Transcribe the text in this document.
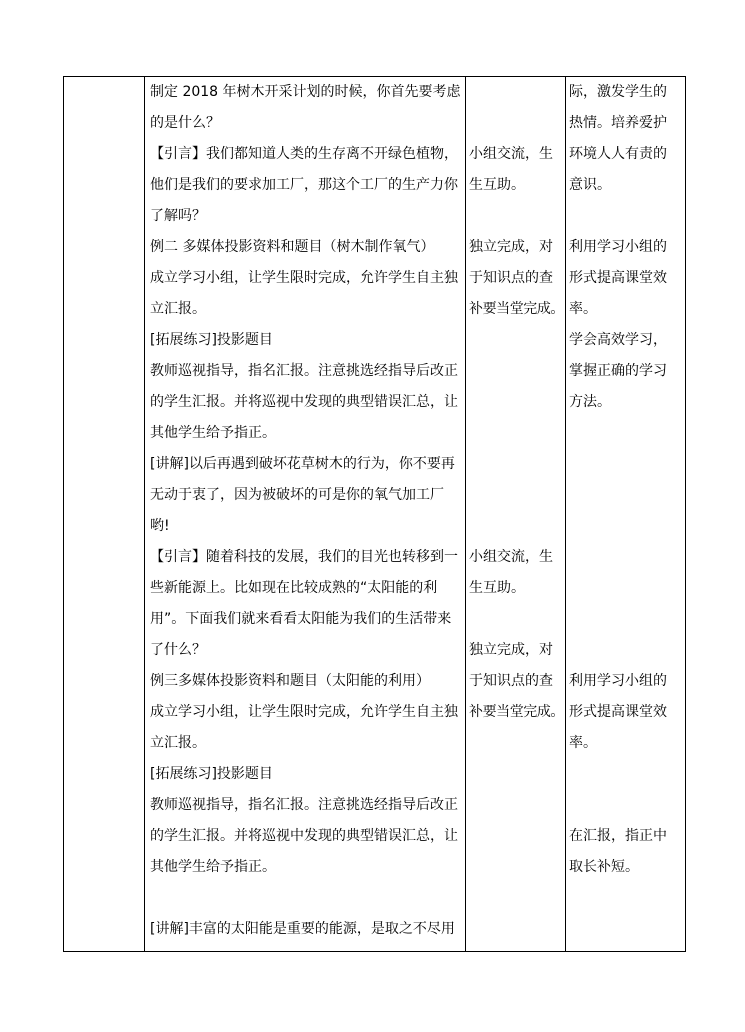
制定 2018 年树木开采计划的时候，你首先要考虑
的是什么？
【引言】我们都知道人类的生存离不开绿色植物，
他们是我们的要求加工厂，那这个工厂的生产力你
了解吗？
例二 多媒体投影资料和题目（树木制作氧气）
成立学习小组，让学生限时完成，允许学生自主独
立汇报。
[拓展练习]投影题目
教师巡视指导，指名汇报。注意挑选经指导后改正
的学生汇报。并将巡视中发现的典型错误汇总，让
其他学生给予指正。
[讲解]以后再遇到破坏花草树木的行为，你不要再
无动于衷了，因为被破坏的可是你的氧气加工厂
哟!
【引言】随着科技的发展，我们的目光也转移到一
些新能源上。比如现在比较成熟的“太阳能的利
用”。下面我们就来看看太阳能为我们的生活带来
了什么？
例三多媒体投影资料和题目（太阳能的利用）
成立学习小组，让学生限时完成，允许学生自主独
立汇报。
[拓展练习]投影题目
教师巡视指导，指名汇报。注意挑选经指导后改正
的学生汇报。并将巡视中发现的典型错误汇总，让
其他学生给予指正。
[讲解]丰富的太阳能是重要的能源，是取之不尽用
小组交流，生
生互助。
独立完成，对
于知识点的查
补要当堂完成。
小组交流，生
生互助。
独立完成，对
于知识点的查
补要当堂完成。
际，激发学生的
热情。培养爱护
环境人人有责的
意识。
利用学习小组的
形式提高课堂效
率。
学会高效学习，
掌握正确的学习
方法。
利用学习小组的
形式提高课堂效
率。
在汇报，指正中
取长补短。
